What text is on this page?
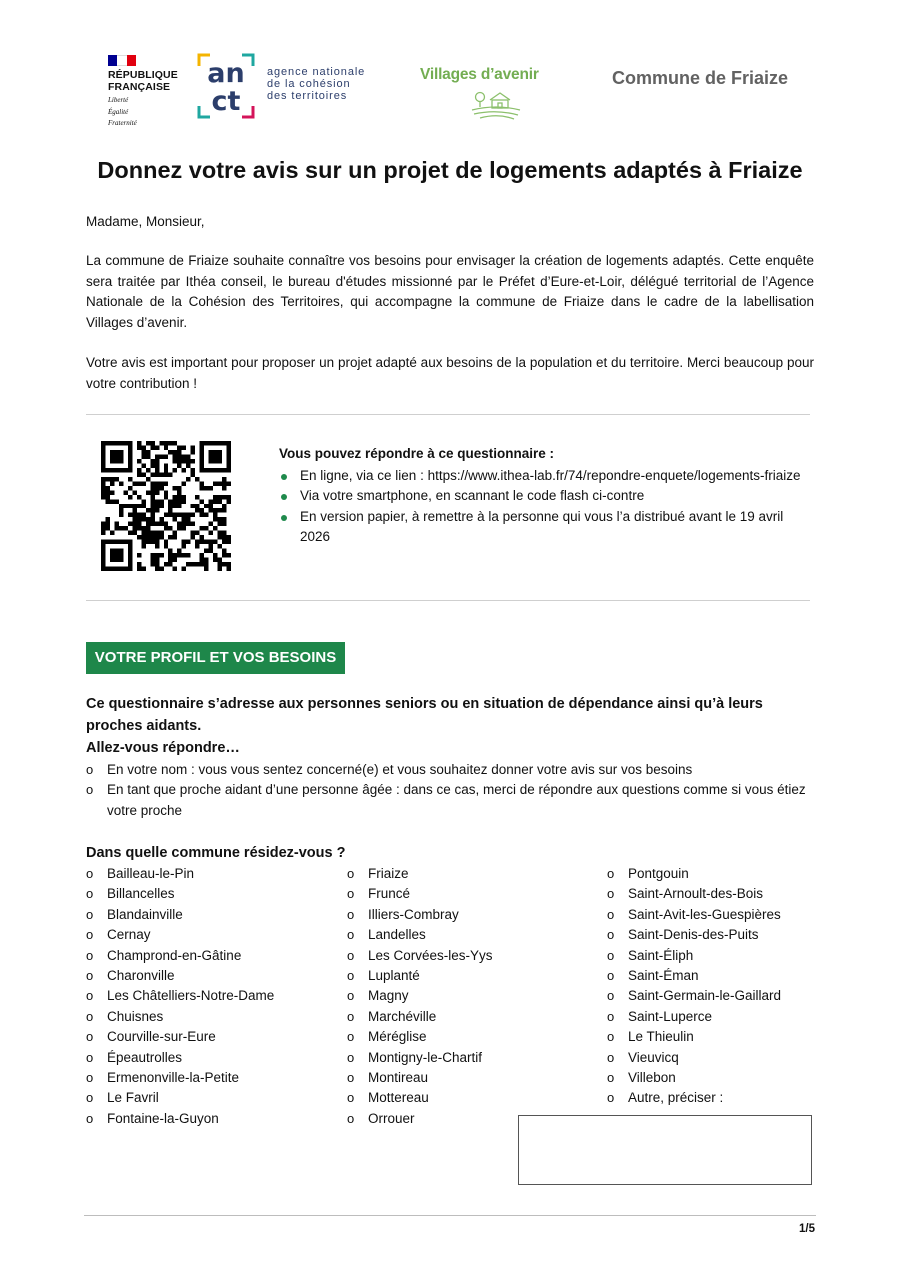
RÉPUBLIQUE
FRANÇAISE
Liberté
Égalité
Fraternité
an
ct
agence nationale
de la cohésion
des territoires
Villages d’avenir	Commune de Friaize
Donnez votre avis sur un projet de logements adaptés à Friaize

Madame, Monsieur,

La commune de Friaize souhaite connaître vos besoins pour envisager la création de logements adaptés. Cette enquête sera traitée par Ithéa conseil, le bureau d'études missionné par le Préfet d’Eure-et-Loir, délégué territorial de l’Agence Nationale de la Cohésion des Territoires, qui accompagne la commune de Friaize dans le cadre de la labellisation Villages d’avenir.

Votre avis est important pour proposer un projet adapté aux besoins de la population et du territoire. Merci beaucoup pour votre contribution !

Vous pouvez répondre à ce questionnaire :
En ligne, via ce lien : https://www.ithea-lab.fr/74/repondre-enquete/logements-friaize
Via votre smartphone, en scannant le code flash ci-contre
En version papier, à remettre à la personne qui vous l’a distribué avant le 19 avril 2026
VOTRE PROFIL ET VOS BESOINS
Ce questionnaire s’adresse aux personnes seniors ou en situation de dépendance ainsi qu’à leurs proches aidants.
Allez-vous répondre…
o En votre nom : vous vous sentez concerné(e) et vous souhaitez donner votre avis sur vos besoins
o En tant que proche aidant d’une personne âgée : dans ce cas, merci de répondre aux questions comme si vous étiez votre proche
Dans quelle commune résidez-vous ?
o Bailleau-le-Pin
o Billancelles
o Blandainville
o Cernay
o Champrond-en-Gâtine
o Charonville
o Les Châtelliers-Notre-Dame
o Chuisnes
o Courville-sur-Eure
o Épeautrolles
o Ermenonville-la-Petite
o Le Favril
o Fontaine-la-Guyon
o Friaize
o Fruncé
o Illiers-Combray
o Landelles
o Les Corvées-les-Yys
o Luplanté
o Magny
o Marchéville
o Méréglise
o Montigny-le-Chartif
o Montireau
o Mottereau
o Orrouer
o Pontgouin
o Saint-Arnoult-des-Bois
o Saint-Avit-les-Guespières
o Saint-Denis-des-Puits
o Saint-Éliph
o Saint-Éman
o Saint-Germain-le-Gaillard
o Saint-Luperce
o Le Thieulin
o Vieuvicq
o Villebon
o Autre, préciser :
1/5
